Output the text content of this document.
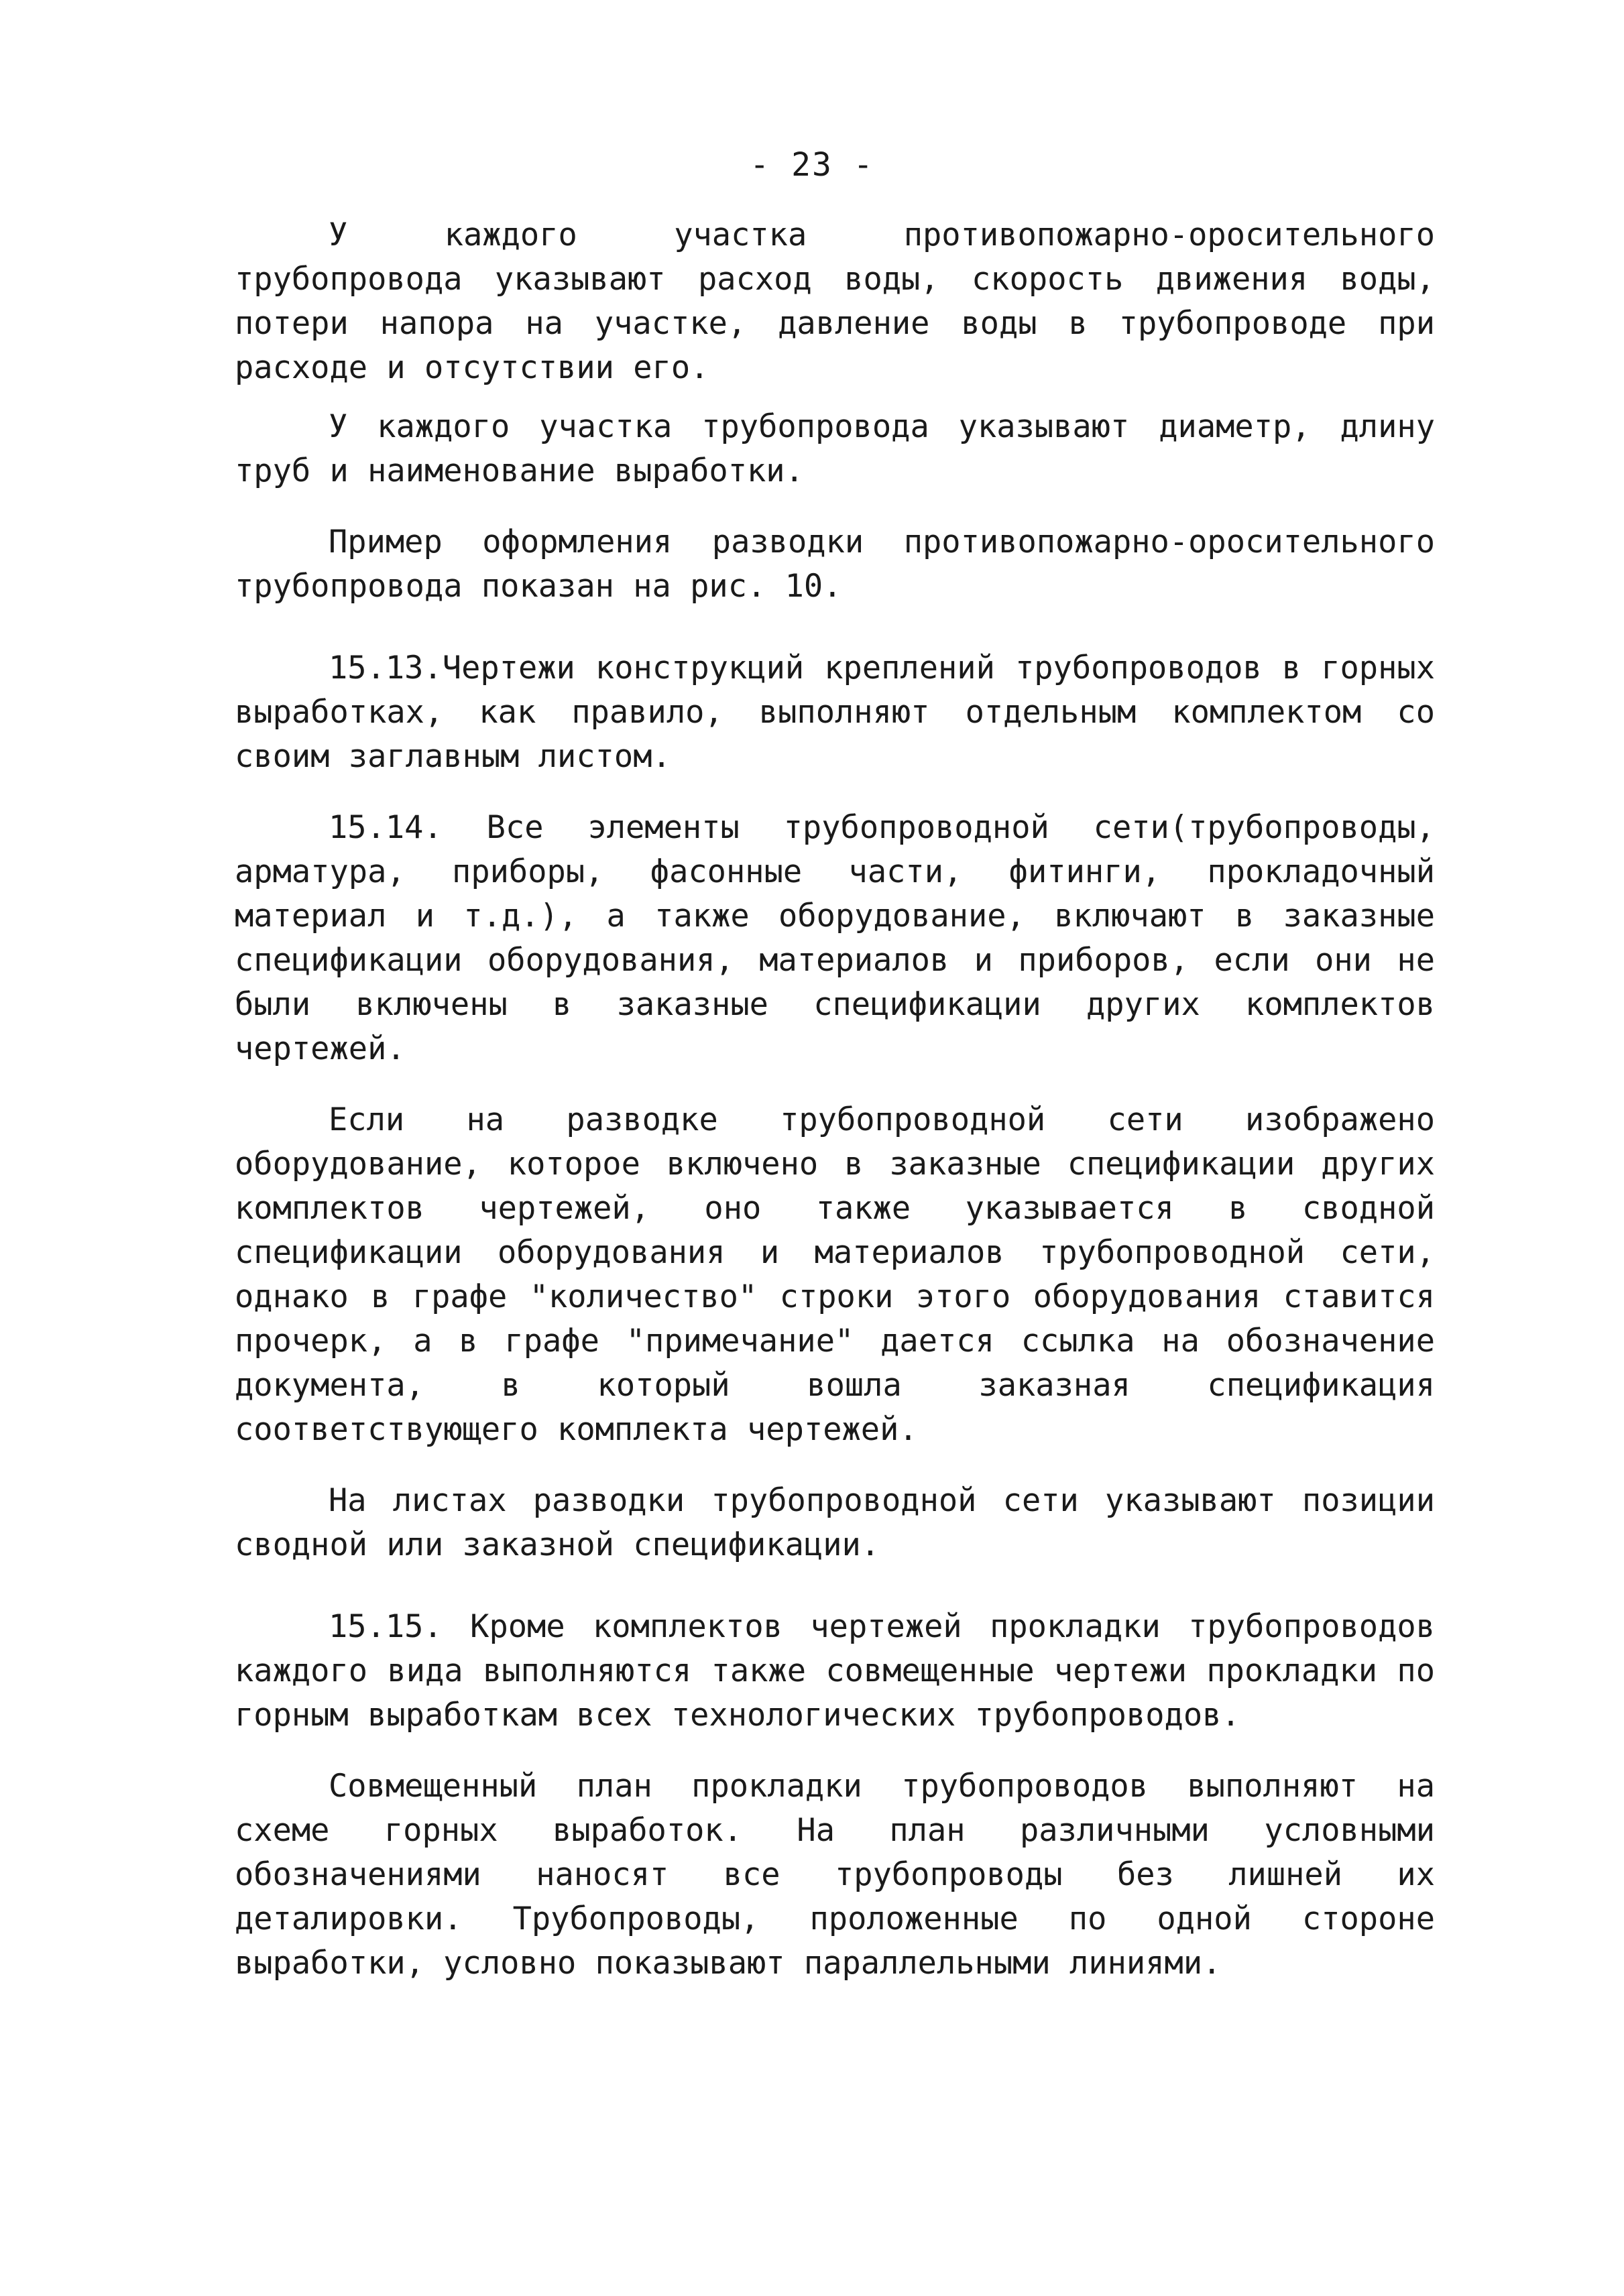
- 23 -

У каждого участка противопожарно-оросительного трубопровода указывают расход воды, скорость движения воды, потери напора на участке, давление воды в трубопроводе при расходе и отсутствии его.

У каждого участка трубопровода указывают диаметр, длину труб и наименование выработки.

Пример оформления разводки противопожарно-оросительного трубопровода показан на рис. 10.

15.13.Чертежи конструкций креплений трубопроводов в горных выработках, как правило, выполняют отдельным комплектом со своим заглавным листом.

15.14. Все элементы трубопроводной сети(трубопроводы, арматура, приборы, фасонные части, фитинги, прокладочный материал и т.д.), а также оборудование, включают в заказные спецификации оборудования, материалов и приборов, если они не были включены в заказные спецификации других комплектов чертежей.

Если на разводке трубопроводной сети изображено оборудование, которое включено в заказные спецификации других комплектов чертежей, оно также указывается в сводной спецификации оборудования и материалов трубопроводной сети, однако в графе "количество" строки этого оборудования ставится прочерк, а в графе "примечание" дается ссылка на обозначение документа, в который вошла заказная спецификация соответствующего комплекта чертежей.

На листах разводки трубопроводной сети указывают позиции сводной или заказной спецификации.

15.15. Кроме комплектов чертежей прокладки трубопроводов каждого вида выполняются также совмещенные чертежи прокладки по горным выработкам всех технологических трубопроводов.

Совмещенный план прокладки трубопроводов выполняют на схеме горных выработок. На план различными условными обозначениями наносят все трубопроводы без лишней их деталировки. Трубопроводы, проложенные по одной стороне выработки, условно показывают параллельными линиями.
